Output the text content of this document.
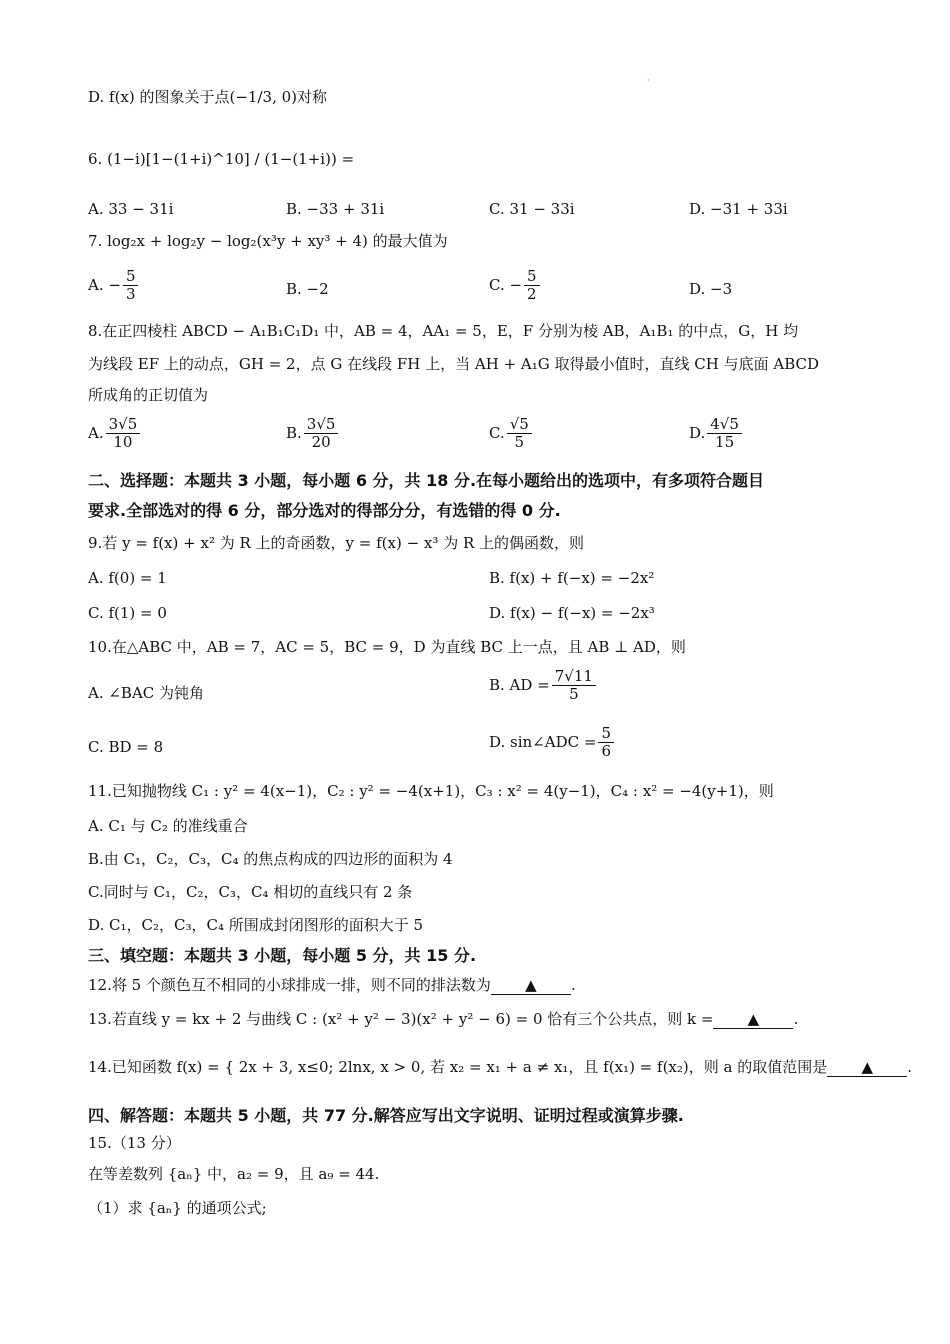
·
D. f(x) 的图象关于点(−1/3, 0)对称
6. (1−i)[1−(1+i)^10] / (1−(1+i)) =
A. 33 − 31i	B. −33 + 31i	C. 31 − 33i	D. −31 + 33i
7. log₂x + log₂y − log₂(x³y + xy³ + 4) 的最大值为
A. − $\frac{5}{3}$	B. −2	C. − $\frac{5}{2}$	D. −3
8.在正四棱柱 ABCD − A₁B₁C₁D₁ 中，AB = 4，AA₁ = 5，E，F 分别为棱 AB，A₁B₁ 的中点，G，H 均
为线段 EF 上的动点，GH = 2，点 G 在线段 FH 上，当 AH + A₁G 取得最小值时，直线 CH 与底面 ABCD
所成角的正切值为
A. $\frac{3√5}{10}$	B. $\frac{3√5}{20}$	C. $\frac{√5}{5}$	D. $\frac{4√5}{15}$
二、选择题：本题共 3 小题，每小题 6 分，共 18 分.在每小题给出的选项中，有多项符合题目
要求.全部选对的得 6 分，部分选对的得部分分，有选错的得 0 分.
9.若 y = f(x) + x² 为 R 上的奇函数，y = f(x) − x³ 为 R 上的偶函数，则
A. f(0) = 1	B. f(x) + f(−x) = −2x²
C. f(1) = 0	D. f(x) − f(−x) = −2x³
10.在△ABC 中，AB = 7，AC = 5，BC = 9，D 为直线 BC 上一点，且 AB ⊥ AD，则
A. ∠BAC 为钝角	B. AD = $\frac{7√11}{5}$
C. BD = 8	D. sin∠ADC = $\frac{5}{6}$
11.已知抛物线 C₁ : y² = 4(x−1)，C₂ : y² = −4(x+1)，C₃ : x² = 4(y−1)，C₄ : x² = −4(y+1)，则
A. C₁ 与 C₂ 的准线重合
B.由 C₁，C₂，C₃，C₄ 的焦点构成的四边形的面积为 4
C.同时与 C₁，C₂，C₃，C₄ 相切的直线只有 2 条
D. C₁，C₂，C₃，C₄ 所围成封闭图形的面积大于 5
三、填空题：本题共 3 小题，每小题 5 分，共 15 分.
12.将 5 个颜色互不相同的小球排成一排，则不同的排法数为 ▲ .
13.若直线 y = kx + 2 与曲线 C : (x² + y² − 3)(x² + y² − 6) = 0 恰有三个公共点，则 k = ▲ .
14.已知函数 f(x) = { 2x + 3, x≤0; 2lnx, x > 0, 若 x₂ = x₁ + a ≠ x₁，且 f(x₁) = f(x₂)，则 a 的取值范围是 ▲ .
四、解答题：本题共 5 小题，共 77 分.解答应写出文字说明、证明过程或演算步骤.
15.（13 分）
在等差数列 {aₙ} 中，a₂ = 9，且 a₉ = 44.
（1）求 {aₙ} 的通项公式;
